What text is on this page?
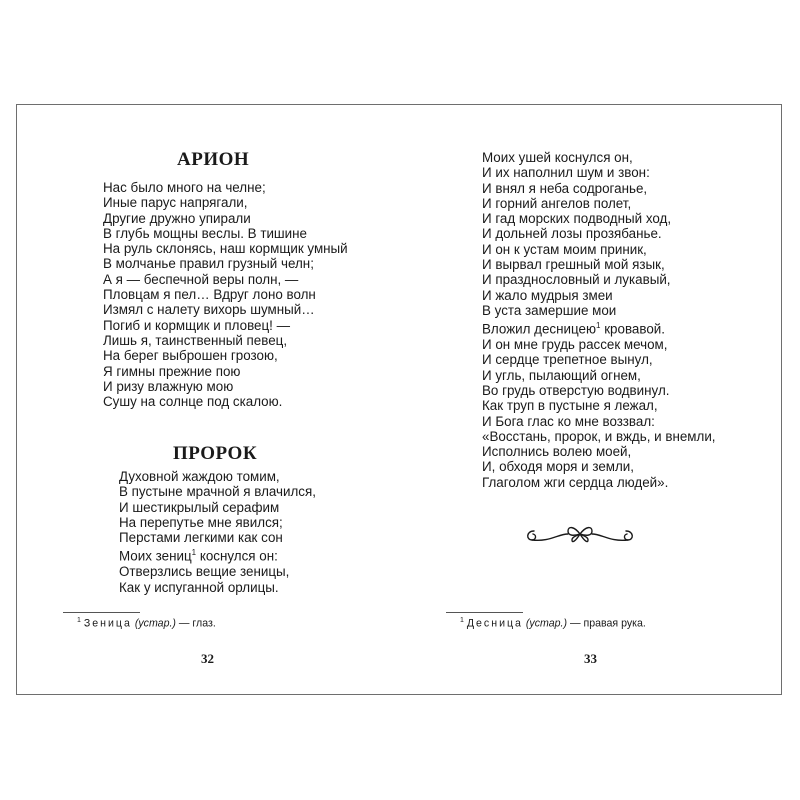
АРИОН
Нас было много на челне;
Иные парус напрягали,
Другие дружно упирали
В глубь мощны веслы. В тишине
На руль склонясь, наш кормщик умный
В молчанье правил грузный челн;
А я — беспечной веры полн, —
Пловцам я пел… Вдруг лоно волн
Измял с налету вихорь шумный…
Погиб и кормщик и пловец! —
Лишь я, таинственный певец,
На берег выброшен грозою,
Я гимны прежние пою
И ризу влажную мою
Сушу на солнце под скалою.
ПРОРОК
Духовной жаждою томим,
В пустыне мрачной я влачился,
И шестикрылый серафим
На перепутье мне явился;
Перстами легкими как сон
Моих зениц$^1$ коснулся он:
Отверзлись вещие зеницы,
Как у испуганной орлицы.
$^1$ Зеница (устар.) — глаз.
32
Моих ушей коснулся он,
И их наполнил шум и звон:
И внял я неба содроганье,
И горний ангелов полет,
И гад морских подводный ход,
И дольней лозы прозябанье.
И он к устам моим приник,
И вырвал грешный мой язык,
И празднословный и лукавый,
И жало мудрыя змеи
В уста замершие мои
Вложил десницею$^1$ кровавой.
И он мне грудь рассек мечом,
И сердце трепетное вынул,
И угль, пылающий огнем,
Во грудь отверстую водвинул.
Как труп в пустыне я лежал,
И Бога глас ко мне воззвал:
«Восстань, пророк, и вждь, и внемли,
Исполнись волею моей,
И, обходя моря и земли,
Глаголом жги сердца людей».
$^1$ Десница (устар.) — правая рука.
33
